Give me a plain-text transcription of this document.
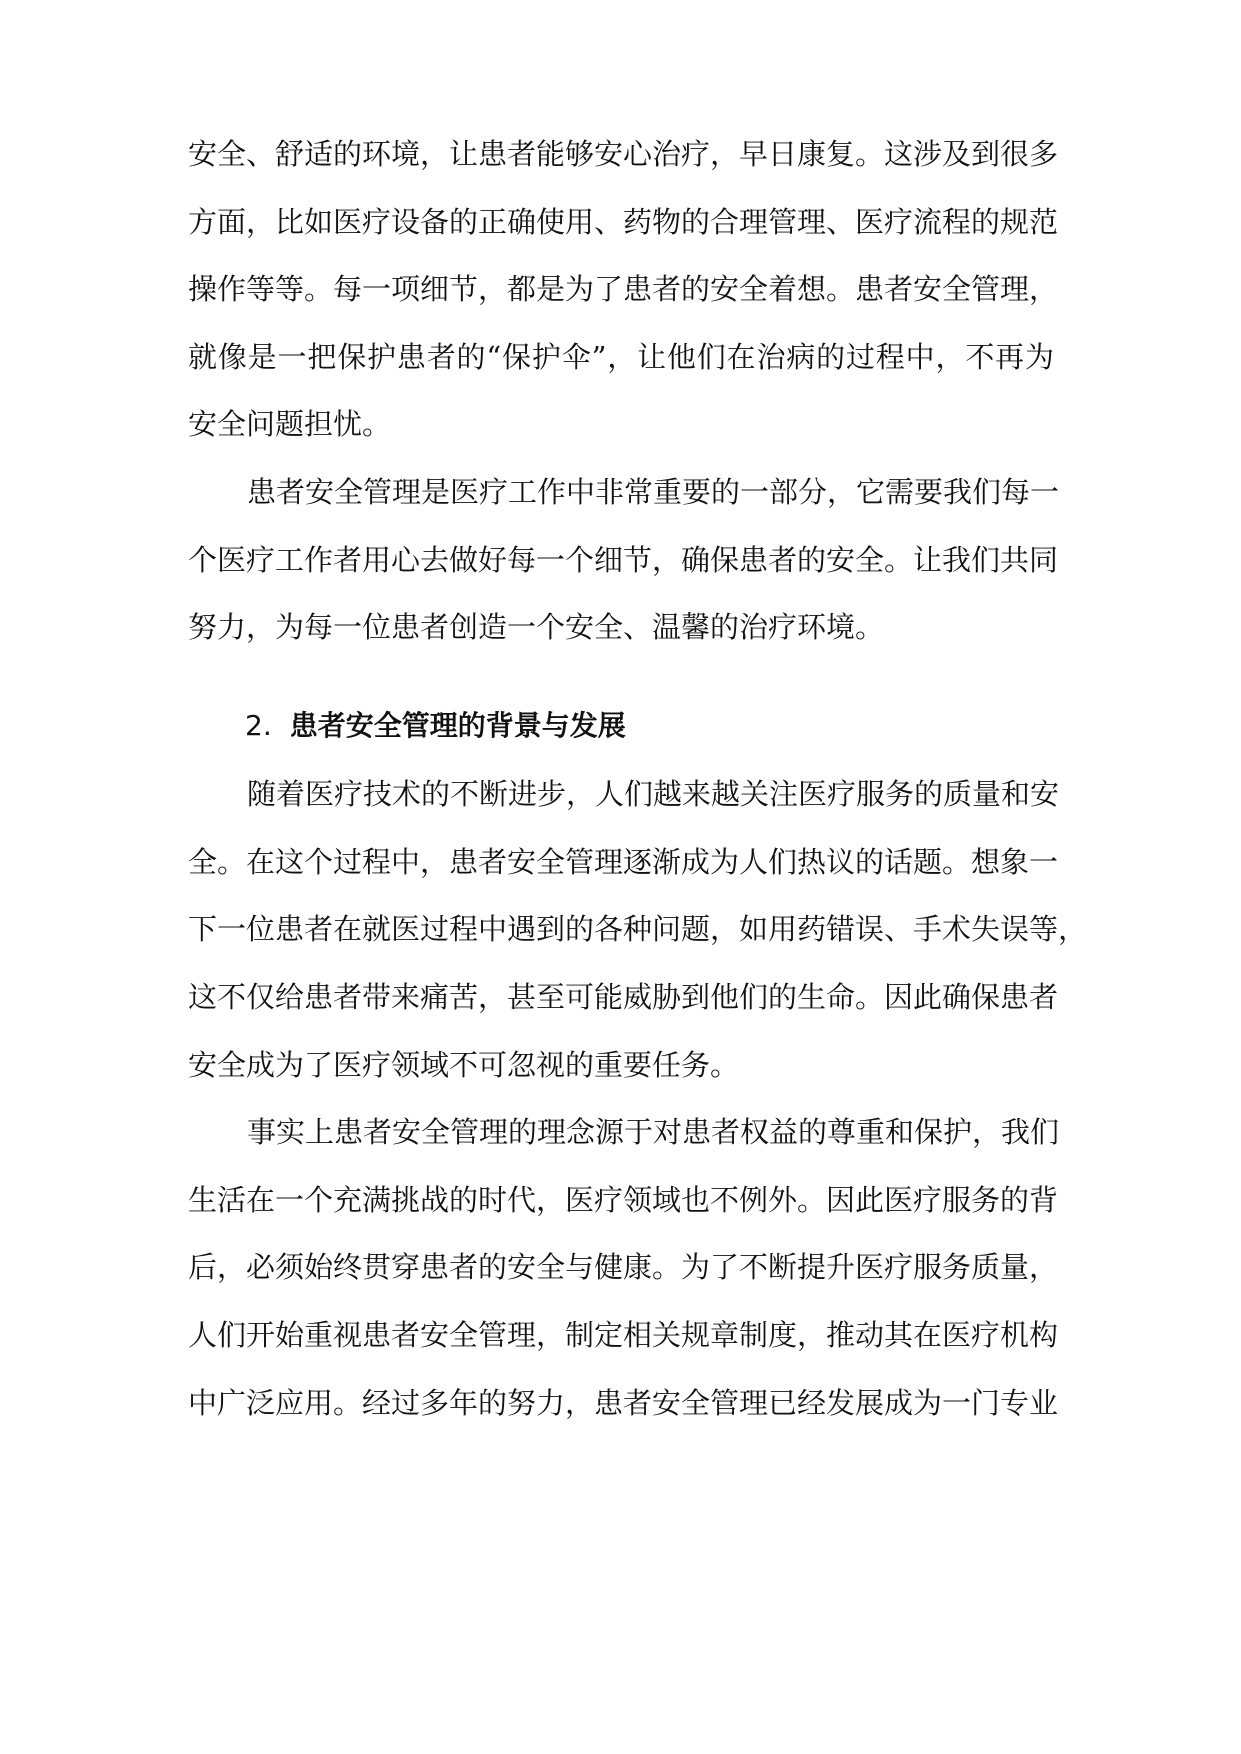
安全、舒适的环境，让患者能够安心治疗，早日康复。这涉及到很多
方面，比如医疗设备的正确使用、药物的合理管理、医疗流程的规范
操作等等。每一项细节，都是为了患者的安全着想。患者安全管理，
就像是一把保护患者的“保护伞”，让他们在治病的过程中，不再为
安全问题担忧。
患者安全管理是医疗工作中非常重要的一部分，它需要我们每一
个医疗工作者用心去做好每一个细节，确保患者的安全。让我们共同
努力，为每一位患者创造一个安全、温馨的治疗环境。
2. 患者安全管理的背景与发展
随着医疗技术的不断进步，人们越来越关注医疗服务的质量和安
全。在这个过程中，患者安全管理逐渐成为人们热议的话题。想象一
下一位患者在就医过程中遇到的各种问题，如用药错误、手术失误等，
这不仅给患者带来痛苦，甚至可能威胁到他们的生命。因此确保患者
安全成为了医疗领域不可忽视的重要任务。
事实上患者安全管理的理念源于对患者权益的尊重和保护，我们
生活在一个充满挑战的时代，医疗领域也不例外。因此医疗服务的背
后，必须始终贯穿患者的安全与健康。为了不断提升医疗服务质量，
人们开始重视患者安全管理，制定相关规章制度，推动其在医疗机构
中广泛应用。经过多年的努力，患者安全管理已经发展成为一门专业
